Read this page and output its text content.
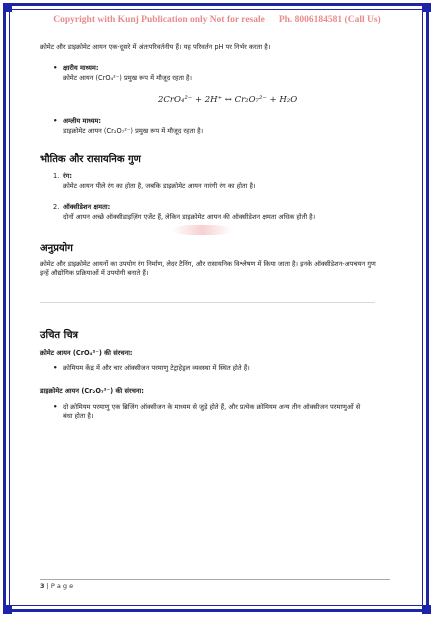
Copyright with Kunj Publication only Not for resale Ph. 8006184581 (Call Us)

क्रोमेट और डाइक्रोमेट आयन एक-दूसरे में अंतःपरिवर्तनीय हैं। यह परिवर्तन pH पर निर्भर करता है।

• क्षारीय माध्यम:

क्रोमेट आयन (CrO₄²⁻) प्रमुख रूप में मौजूद रहता है।

2CrO₄²⁻ + 2H⁺ ↔ Cr₂O₇²⁻ + H₂O
• अम्लीय माध्यम:

डाइक्रोमेट आयन (Cr₂O₇²⁻) प्रमुख रूप में मौजूद रहता है।

भौतिक और रासायनिक गुण

1. रंग:

क्रोमेट आयन पीले रंग का होता है, जबकि डाइक्रोमेट आयन नारंगी रंग का होता है।

2. ऑक्सीडेशन क्षमता:

दोनों आयन अच्छे ऑक्सीडाइज़िंग एजेंट हैं, लेकिन डाइक्रोमेट आयन की ऑक्सीडेशन क्षमता अधिक होती है।

अनुप्रयोग

क्रोमेट और डाइक्रोमेट आयनों का उपयोग रंग निर्माण, लेदर टैनिंग, और रासायनिक विश्लेषण में किया जाता है। इनके ऑक्सीडेशन-अपचयन गुण इन्हें औद्योगिक प्रक्रियाओं में उपयोगी बनाते हैं।

उचित चित्र

क्रोमेट आयन (CrO₄²⁻) की संरचना:

• क्रोमियम केंद्र में और चार ऑक्सीजन परमाणु टेट्राहेड्रल व्यवस्था में स्थित होते हैं।

डाइक्रोमेट आयन (Cr₂O₇²⁻) की संरचना:

• दो क्रोमियम परमाणु एक ब्रिजिंग ऑक्सीजन के माध्यम से जुड़े होते हैं, और प्रत्येक क्रोमियम अन्य तीन ऑक्सीजन परमाणुओं से बंधा होता है।

3 | P a g e
